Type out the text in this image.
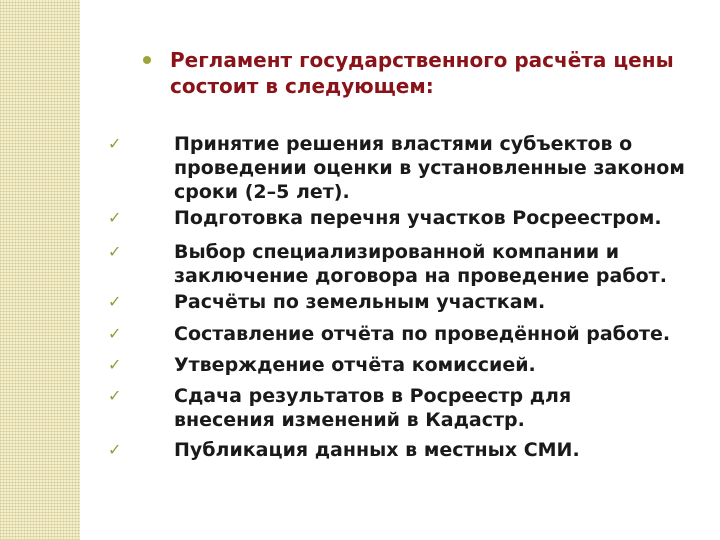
Регламент государственного расчёта цены
состоит в следующем:
✓	Принятие решения властями субъектов о
проведении оценки в установленные законом
сроки (2–5 лет).
✓	Подготовка перечня участков Росреестром.
✓	Выбор специализированной компании и
заключение договора на проведение работ.
✓	Расчёты по земельным участкам.
✓	Составление отчёта по проведённой работе.
✓	Утверждение отчёта комиссией.
✓	Сдача результатов в Росреестр для
внесения изменений в Кадастр.
✓	Публикация данных в местных СМИ.
